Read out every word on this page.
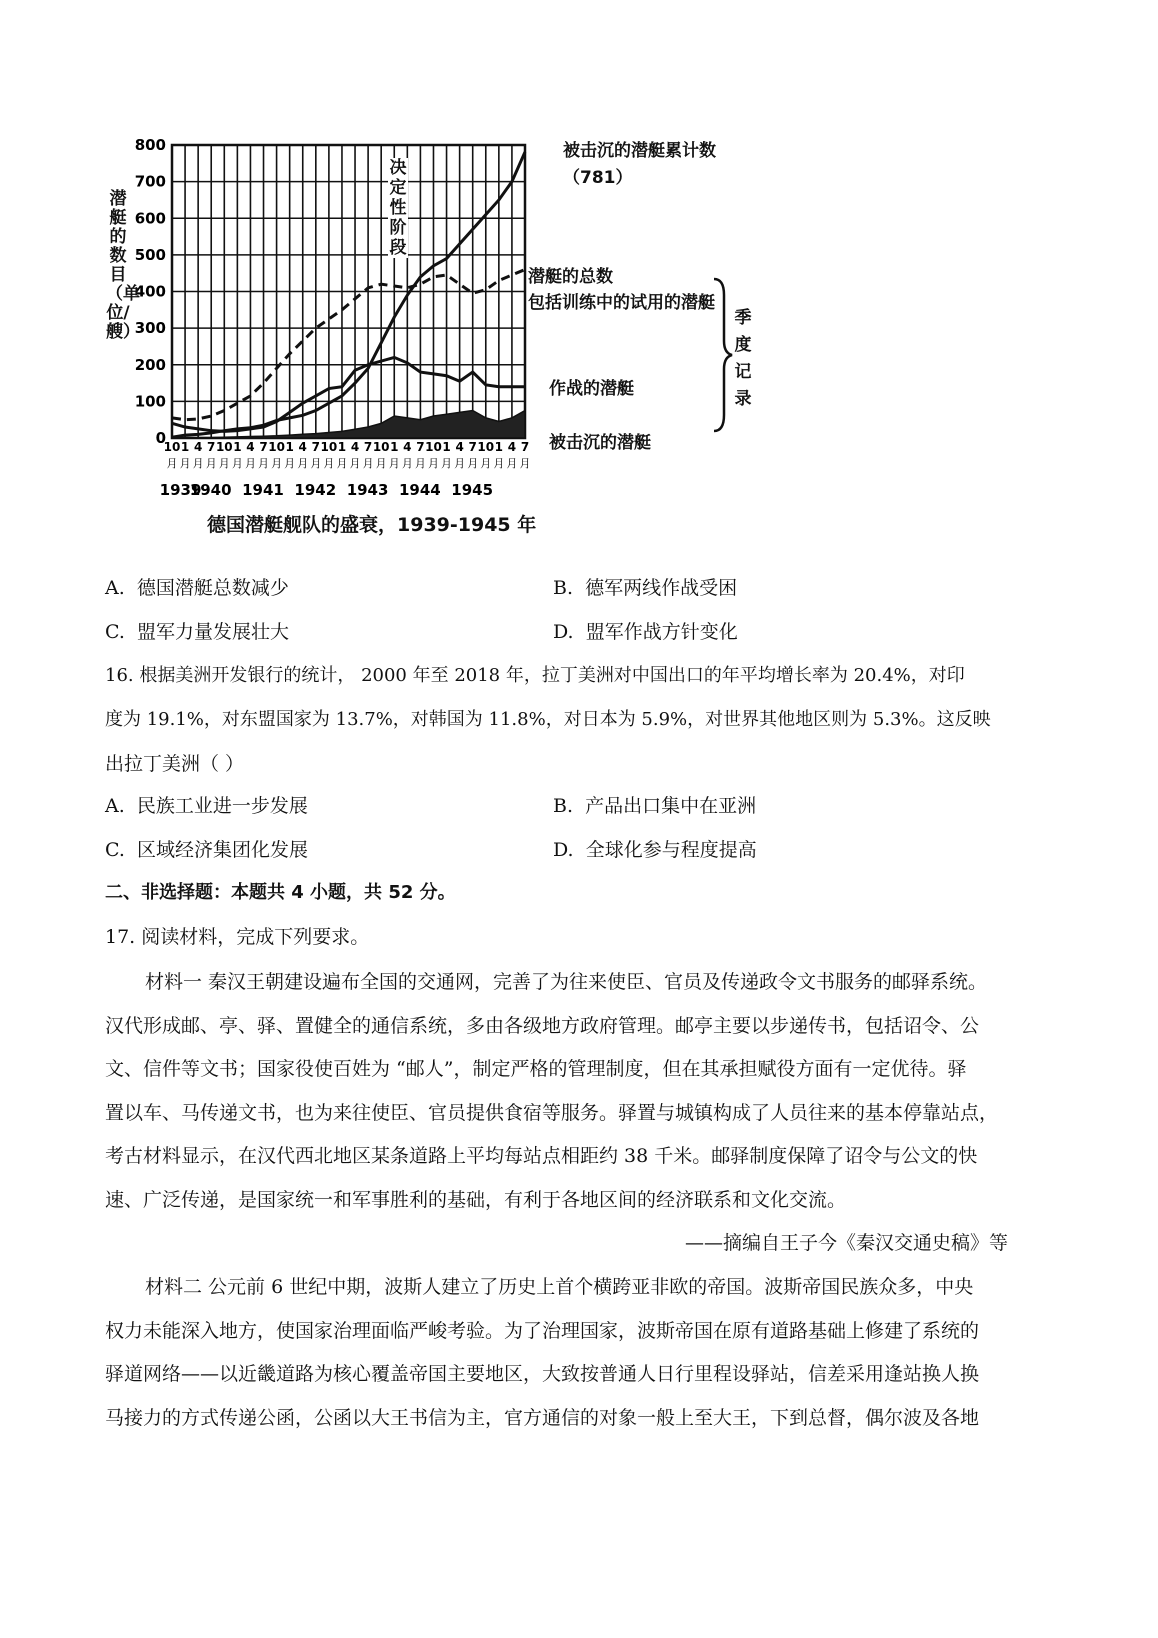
800
700
600
500
400
300
200
100
0
10
月
1
月
4
月
7
月
10
月
1
月
4
月
7
月
10
月
1
月
4
月
7
月
10
月
1
月
4
月
7
月
10
月
1
月
4
月
7
月
10
月
1
月
4
月
7
月
10
月
1
月
4
月
7
月
1939
1940 1941 1942 1943 1944 1945
潜艇的数目（单位/艘）
决定性阶段
被击沉的潜艇累计数（781）
潜艇的总数
包括训练中的试用的潜艇
作战的潜艇
被击沉的潜艇
季度记录
德国潜艇舰队的盛衰，1939-1945 年
A. 德国潜艇总数减少	B. 德军两线作战受困
C. 盟军力量发展壮大	D. 盟军作战方针变化
16. 根据美洲开发银行的统计， 2000 年至 2018 年，拉丁美洲对中国出口的年平均增长率为 20.4%，对印
度为 19.1%，对东盟国家为 13.7%，对韩国为 11.8%，对日本为 5.9%，对世界其他地区则为 5.3%。这反映
出拉丁美洲（ ）
A. 民族工业进一步发展	B. 产品出口集中在亚洲
C. 区域经济集团化发展	D. 全球化参与程度提高
二、非选择题：本题共 4 小题，共 52 分。
17. 阅读材料，完成下列要求。
材料一 秦汉王朝建设遍布全国的交通网，完善了为往来使臣、官员及传递政令文书服务的邮驿系统。
汉代形成邮、亭、驿、置健全的通信系统，多由各级地方政府管理。邮亭主要以步递传书，包括诏令、公
文、信件等文书；国家役使百姓为 “邮人”，制定严格的管理制度，但在其承担赋役方面有一定优待。驿
置以车、马传递文书，也为来往使臣、官员提供食宿等服务。驿置与城镇构成了人员往来的基本停靠站点，
考古材料显示，在汉代西北地区某条道路上平均每站点相距约 38 千米。邮驿制度保障了诏令与公文的快
速、广泛传递，是国家统一和军事胜利的基础，有利于各地区间的经济联系和文化交流。
——摘编自王子今《秦汉交通史稿》等
材料二 公元前 6 世纪中期，波斯人建立了历史上首个横跨亚非欧的帝国。波斯帝国民族众多，中央
权力未能深入地方，使国家治理面临严峻考验。为了治理国家，波斯帝国在原有道路基础上修建了系统的
驿道网络——以近畿道路为核心覆盖帝国主要地区，大致按普通人日行里程设驿站，信差采用逢站换人换
马接力的方式传递公函，公函以大王书信为主，官方通信的对象一般上至大王，下到总督，偶尔波及各地
